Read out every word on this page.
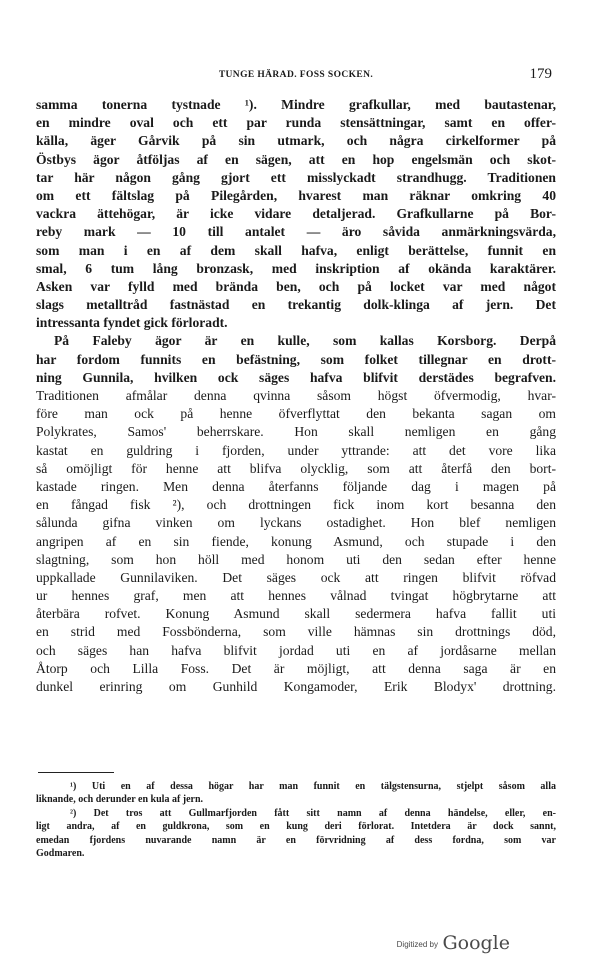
TUNGE HÄRAD. FOSS SOCKEN.	179
samma tonerna tystnade ¹). Mindre grafkullar, med bautastenar,
en mindre oval och ett par runda stensättningar, samt en offer-
källa, äger Gårvik på sin utmark, och några cirkelformer på
Östbys ägor åtföljas af en sägen, att en hop engelsmän och skot-
tar här någon gång gjort ett misslyckadt strandhugg. Traditionen
om ett fältslag på Pilegården, hvarest man räknar omkring 40
vackra ättehögar, är icke vidare detaljerad. Grafkullarne på Bor-
reby mark — 10 till antalet — äro såvida anmärkningsvärda,
som man i en af dem skall hafva, enligt berättelse, funnit en
smal, 6 tum lång bronzask, med inskription af okända karaktärer.
Asken var fylld med brända ben, och på locket var med något
slags metalltråd fastnästad en trekantig dolk-klinga af jern. Det
intressanta fyndet gick förloradt.
På Faleby ägor är en kulle, som kallas Korsborg. Derpå
har fordom funnits en befästning, som folket tillegnar en drott-
ning Gunnila, hvilken ock säges hafva blifvit derstädes begrafven.
Traditionen afmålar denna qvinna såsom högst öfvermodig, hvar-
före man ock på henne öfverflyttat den bekanta sagan om
Polykrates, Samos' beherrskare. Hon skall nemligen en gång
kastat en guldring i fjorden, under yttrande: att det vore lika
så omöjligt för henne att blifva olycklig, som att återfå den bort-
kastade ringen. Men denna återfanns följande dag i magen på
en fångad fisk ²), och drottningen fick inom kort besanna den
sålunda gifna vinken om lyckans ostadighet. Hon blef nemligen
angripen af en sin fiende, konung Asmund, och stupade i den
slagtning, som hon höll med honom uti den sedan efter henne
uppkallade Gunnilaviken. Det säges ock att ringen blifvit röfvad
ur hennes graf, men att hennes vålnad tvingat högbrytarne att
återbära rofvet. Konung Asmund skall sedermera hafva fallit uti
en strid med Fossbönderna, som ville hämnas sin drottnings död,
och säges han hafva blifvit jordad uti en af jordåsarne mellan
Åtorp och Lilla Foss. Det är möjligt, att denna saga är en
dunkel erinring om Gunhild Kongamoder, Erik Blodyx' drottning.
¹) Uti en af dessa högar har man funnit en tälgstensurna, stjelpt såsom alla
liknande, och derunder en kula af jern.
²) Det tros att Gullmarfjorden fått sitt namn af denna händelse, eller, en-
ligt andra, af en guldkrona, som en kung deri förlorat. Intetdera är dock sannt,
emedan fjordens nuvarande namn är en förvridning af dess fordna, som var
Godmaren.
Digitized by Google
